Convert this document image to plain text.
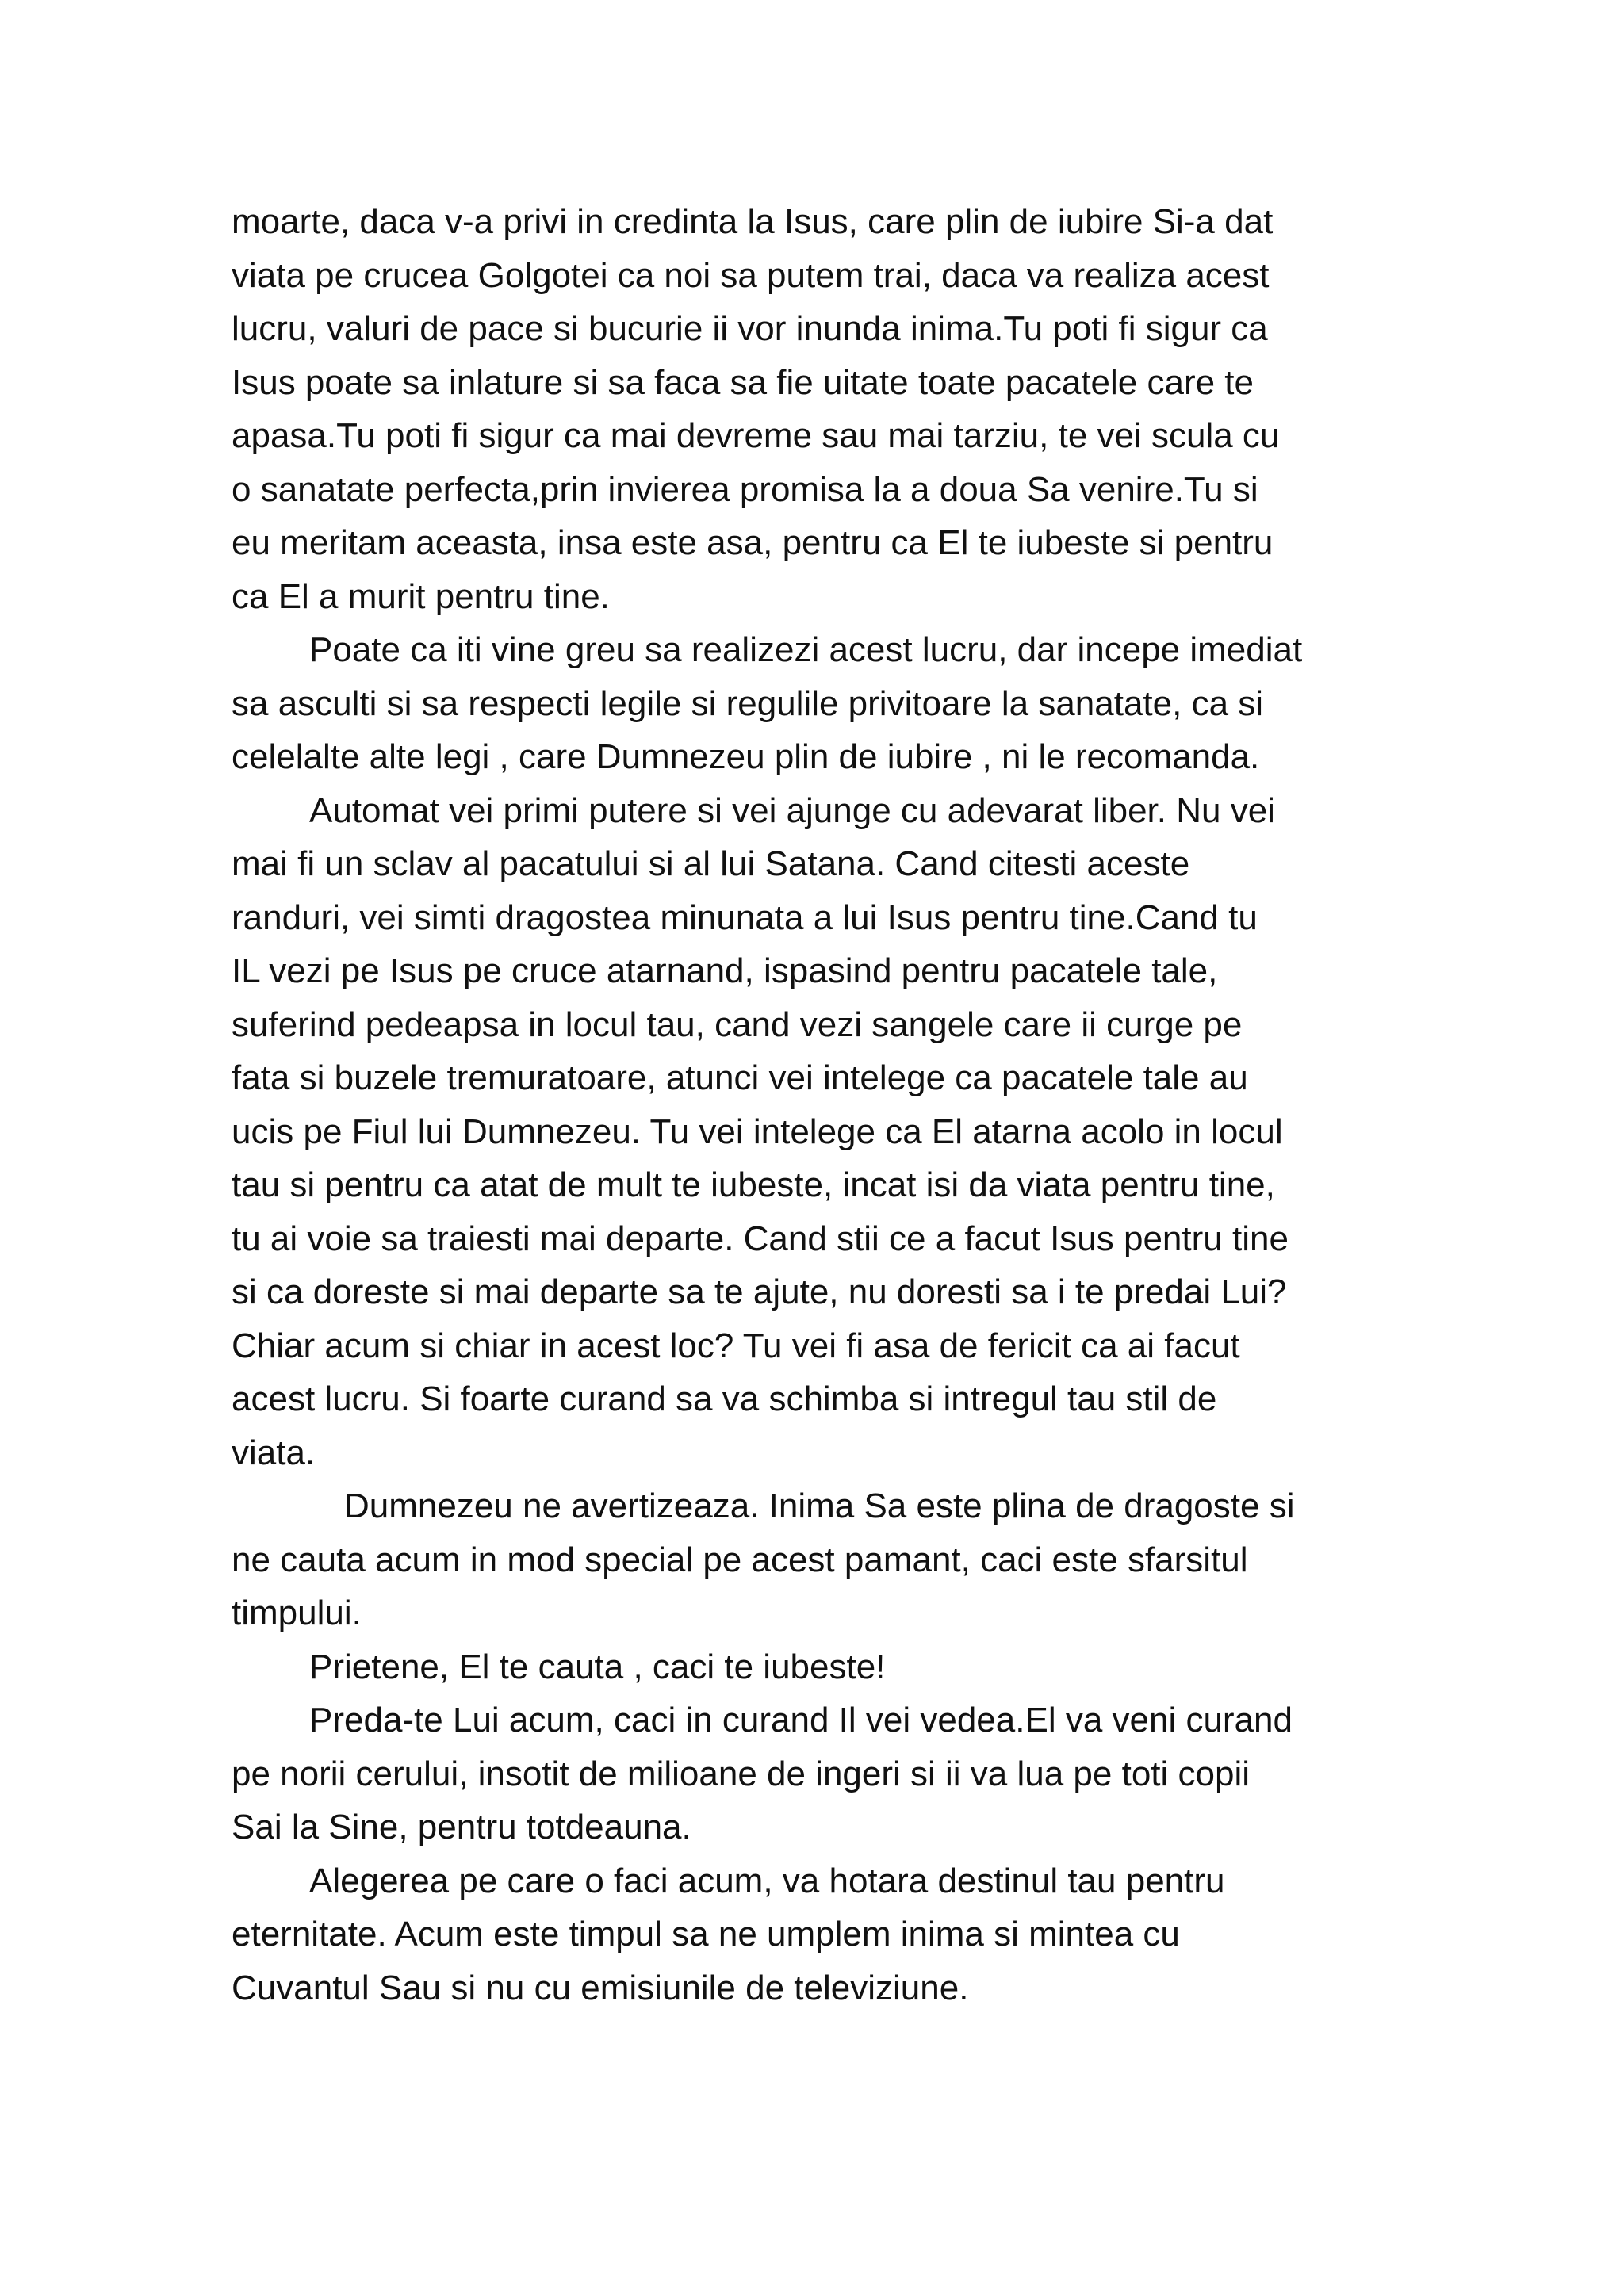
moarte, daca v-a privi in credinta la Isus, care plin de iubire Si-a dat
viata pe crucea Golgotei ca noi sa putem trai, daca va realiza acest
lucru, valuri de pace si bucurie ii vor inunda inima.Tu poti fi sigur ca
Isus poate sa inlature si sa faca sa fie uitate toate pacatele care te
apasa.Tu poti fi sigur ca mai devreme sau mai tarziu, te vei scula cu
o sanatate perfecta,prin invierea promisa la a doua Sa venire.Tu si
eu meritam aceasta, insa este asa, pentru ca El te iubeste si pentru
ca El a murit pentru tine.
Poate ca iti vine greu sa realizezi acest lucru, dar incepe imediat
sa asculti si sa respecti legile si regulile privitoare la sanatate, ca si
celelalte alte legi , care Dumnezeu plin de iubire , ni le recomanda.
Automat vei primi putere si vei ajunge cu adevarat liber. Nu vei
mai fi un sclav al pacatului si al lui Satana. Cand citesti aceste
randuri, vei simti dragostea minunata a lui Isus pentru tine.Cand tu
IL vezi pe Isus pe cruce atarnand, ispasind pentru pacatele tale,
suferind pedeapsa in locul tau, cand vezi sangele care ii curge pe
fata si buzele tremuratoare, atunci vei intelege ca pacatele tale au
ucis pe Fiul lui Dumnezeu. Tu vei intelege ca El atarna acolo in locul
tau si pentru ca atat de mult te iubeste, incat isi da viata pentru tine,
tu ai voie sa traiesti mai departe. Cand stii ce a facut Isus pentru tine
si ca doreste si mai departe sa te ajute, nu doresti sa i te predai Lui?
Chiar acum si chiar in acest loc? Tu vei fi asa de fericit ca ai facut
acest lucru. Si foarte curand sa va schimba si intregul tau stil de
viata.
Dumnezeu ne avertizeaza. Inima Sa este plina de dragoste si
ne cauta acum in mod special pe acest pamant, caci este sfarsitul
timpului.
Prietene, El te cauta , caci te iubeste!
Preda-te Lui acum, caci in curand Il vei vedea.El va veni curand
pe norii cerului, insotit de milioane de ingeri si ii va lua pe toti copii
Sai la Sine, pentru totdeauna.
Alegerea pe care o faci acum, va hotara destinul tau pentru
eternitate. Acum este timpul sa ne umplem inima si mintea cu
Cuvantul Sau si nu cu emisiunile de televiziune.
